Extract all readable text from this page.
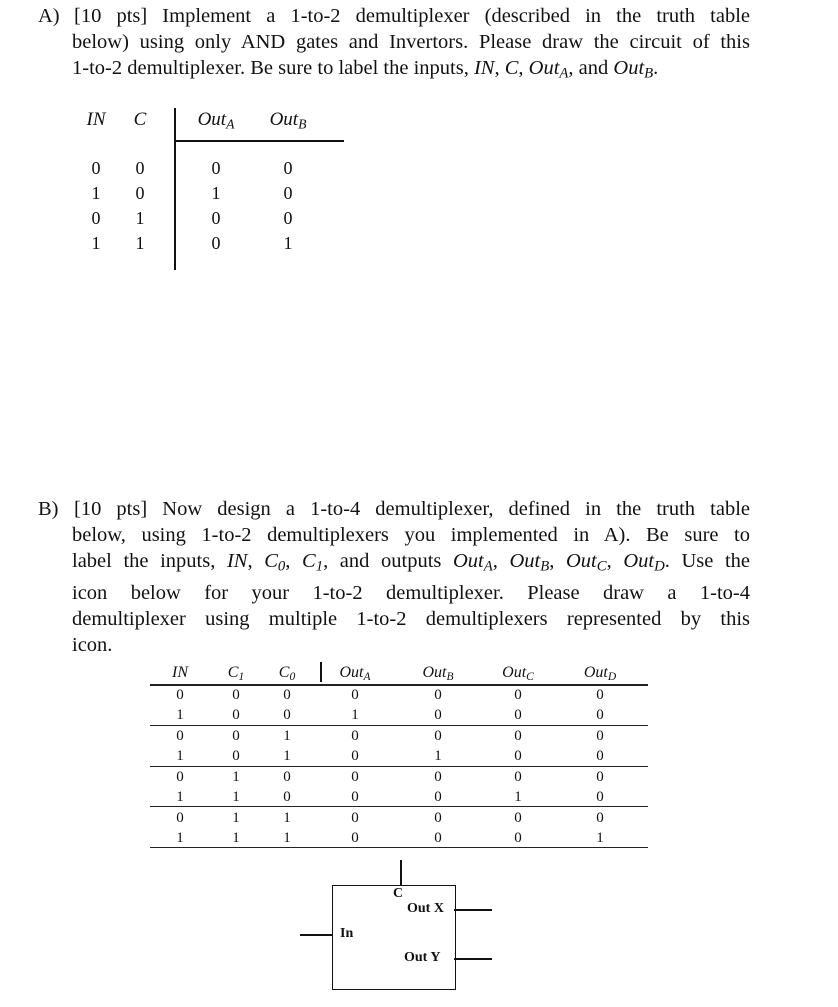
A) [10 pts] Implement a 1-to-2 demultiplexer (described in the truth table
below) using only AND gates and Invertors. Please draw the circuit of this
1-to-2 demultiplexer. Be sure to label the inputs, IN, C, Out$_A$, and Out$_B$.
IN	C	Out$_A$ Out$_B$
0	0	0	0
1	0	1	0
0	1	0	0
1	1	0	1
B) [10 pts] Now design a 1-to-4 demultiplexer, defined in the truth table
below, using 1-to-2 demultiplexers you implemented in A). Be sure to
label the inputs, IN, $C_0$, $C_1$, and outputs Out$_A$, Out$_B$, Out$_C$, Out$_D$. Use the
icon below for your 1-to-2 demultiplexer. Please draw a 1-to-4
demultiplexer using multiple 1-to-2 demultiplexers represented by this
icon.
IN	$C_1$	$C_0$	Out$_A$	Out$_B$	Out$_C$	Out$_D$
0	0	0	0	0	0	0
1	0	0	1	0	0	0
0	0	1	0	0	0	0
1	0	1	0	1	0	0
0	1	0	0	0	0	0
1	1	0	0	0	1	0
0	1	1	0	0	0	0
1	1	1	0	0	0	1
C
Out X
In
Out Y
